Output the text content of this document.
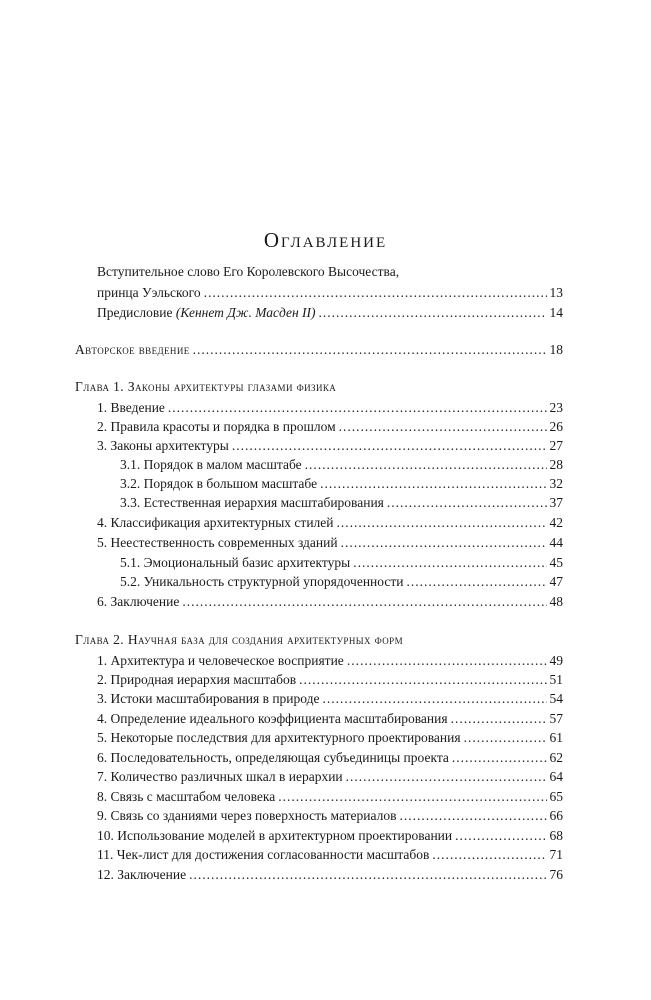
Оглавление
Вступительное слово Его Королевского Высочества,
принца Уэльского .....	13
Предисловие (Кеннет Дж. Масден II) .....	14
Авторское введение .....	18
Глава 1. Законы архитектуры глазами физика
1. Введение .....	23
2. Правила красоты и порядка в прошлом .....	26
3. Законы архитектуры .....	27
3.1. Порядок в малом масштабе .....	28
3.2. Порядок в большом масштабе .....	32
3.3. Естественная иерархия масштабирования .....	37
4. Классификация архитектурных стилей .....	42
5. Неестественность современных зданий .....	44
5.1. Эмоциональный базис архитектуры .....	45
5.2. Уникальность структурной упорядоченности .....	47
6. Заключение .....	48
Глава 2. Научная база для создания архитектурных форм
1. Архитектура и человеческое восприятие .....	49
2. Природная иерархия масштабов .....	51
3. Истоки масштабирования в природе .....	54
4. Определение идеального коэффициента масштабирования .....	57
5. Некоторые последствия для архитектурного проектирования .....	61
6. Последовательность, определяющая субъединицы проекта .....	62
7. Количество различных шкал в иерархии .....	64
8. Связь с масштабом человека .....	65
9. Связь со зданиями через поверхность материалов .....	66
10. Использование моделей в архитектурном проектировании .....	68
11. Чек-лист для достижения согласованности масштабов .....	71
12. Заключение .....	76
